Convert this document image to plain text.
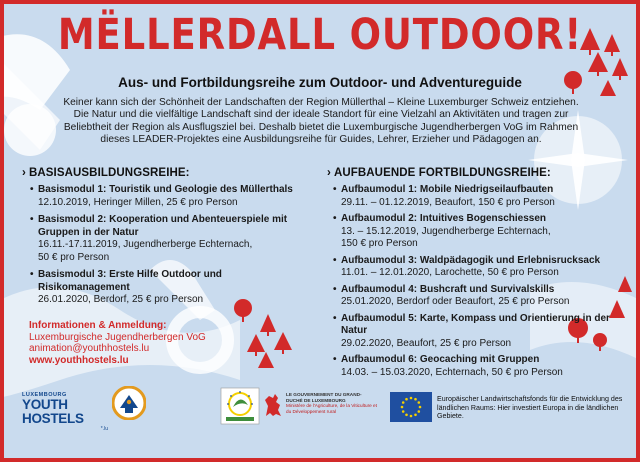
MËLLERDALL OUTDOOR!
Aus- und Fortbildungsreihe zum Outdoor- und Adventureguide

Keiner kann sich der Schönheit der Landschaften der Region Müllerthal – Kleine Luxemburger Schweiz entziehen. Die Natur und die vielfältige Landschaft sind der ideale Standort für eine Vielzahl an Aktivitäten und tragen zur Beliebtheit der Region als Ausflugsziel bei. Deshalb bietet die Luxemburgische Jugendherbergen VoG im Rahmen dieses LEADER-Projektes eine Ausbildungsreihe für Guides, Lehrer, Erzieher und Pädagogen an.

› BASISAUSBILDUNGSREIHE:
• Basismodul 1: Touristik und Geologie des Müllerthals
12.10.2019, Heringer Millen, 25 € pro Person
• Basismodul 2: Kooperation und Abenteuerspiele mit Gruppen in der Natur
16.11.-17.11.2019, Jugendherberge Echternach,
50 € pro Person
• Basismodul 3: Erste Hilfe Outdoor und Risikomanagement
26.01.2020, Berdorf, 25 € pro Person
› AUFBAUENDE FORTBILDUNGSREIHE:
• Aufbaumodul 1: Mobile Niedrigseilaufbauten
29.11. – 01.12.2019, Beaufort, 150 € pro Person
• Aufbaumodul 2: Intuitives Bogenschiessen
13. – 15.12.2019, Jugendherberge Echternach,
150 € pro Person
• Aufbaumodul 3: Waldpädagogik und Erlebnisrucksack
11.01. – 12.01.2020, Larochette, 50 € pro Person
• Aufbaumodul 4: Bushcraft und Survivalskills
25.01.2020, Berdorf oder Beaufort, 25 € pro Person
• Aufbaumodul 5: Karte, Kompass und Orientierung in der Natur
29.02.2020, Beaufort, 25 € pro Person
• Aufbaumodul 6: Geocaching mit Gruppen
14.03. – 15.03.2020, Echternach, 50 € pro Person
Informationen & Anmeldung:
Luxemburgische Jugendherbergen VoG
animation@youthhostels.lu
www.youthhostels.lu
LUXEMBOURG
YOUTH HOSTELS
*.lu
LE GOUVERNEMENT DU GRAND-DUCHÉ DE LUXEMBOURG
Ministère de l'Agriculture, de la Viticulture et du Développement rural
Europäischer Landwirtschaftsfonds für die Entwicklung des ländlichen Raums: Hier investiert Europa in die ländlichen Gebiete.
